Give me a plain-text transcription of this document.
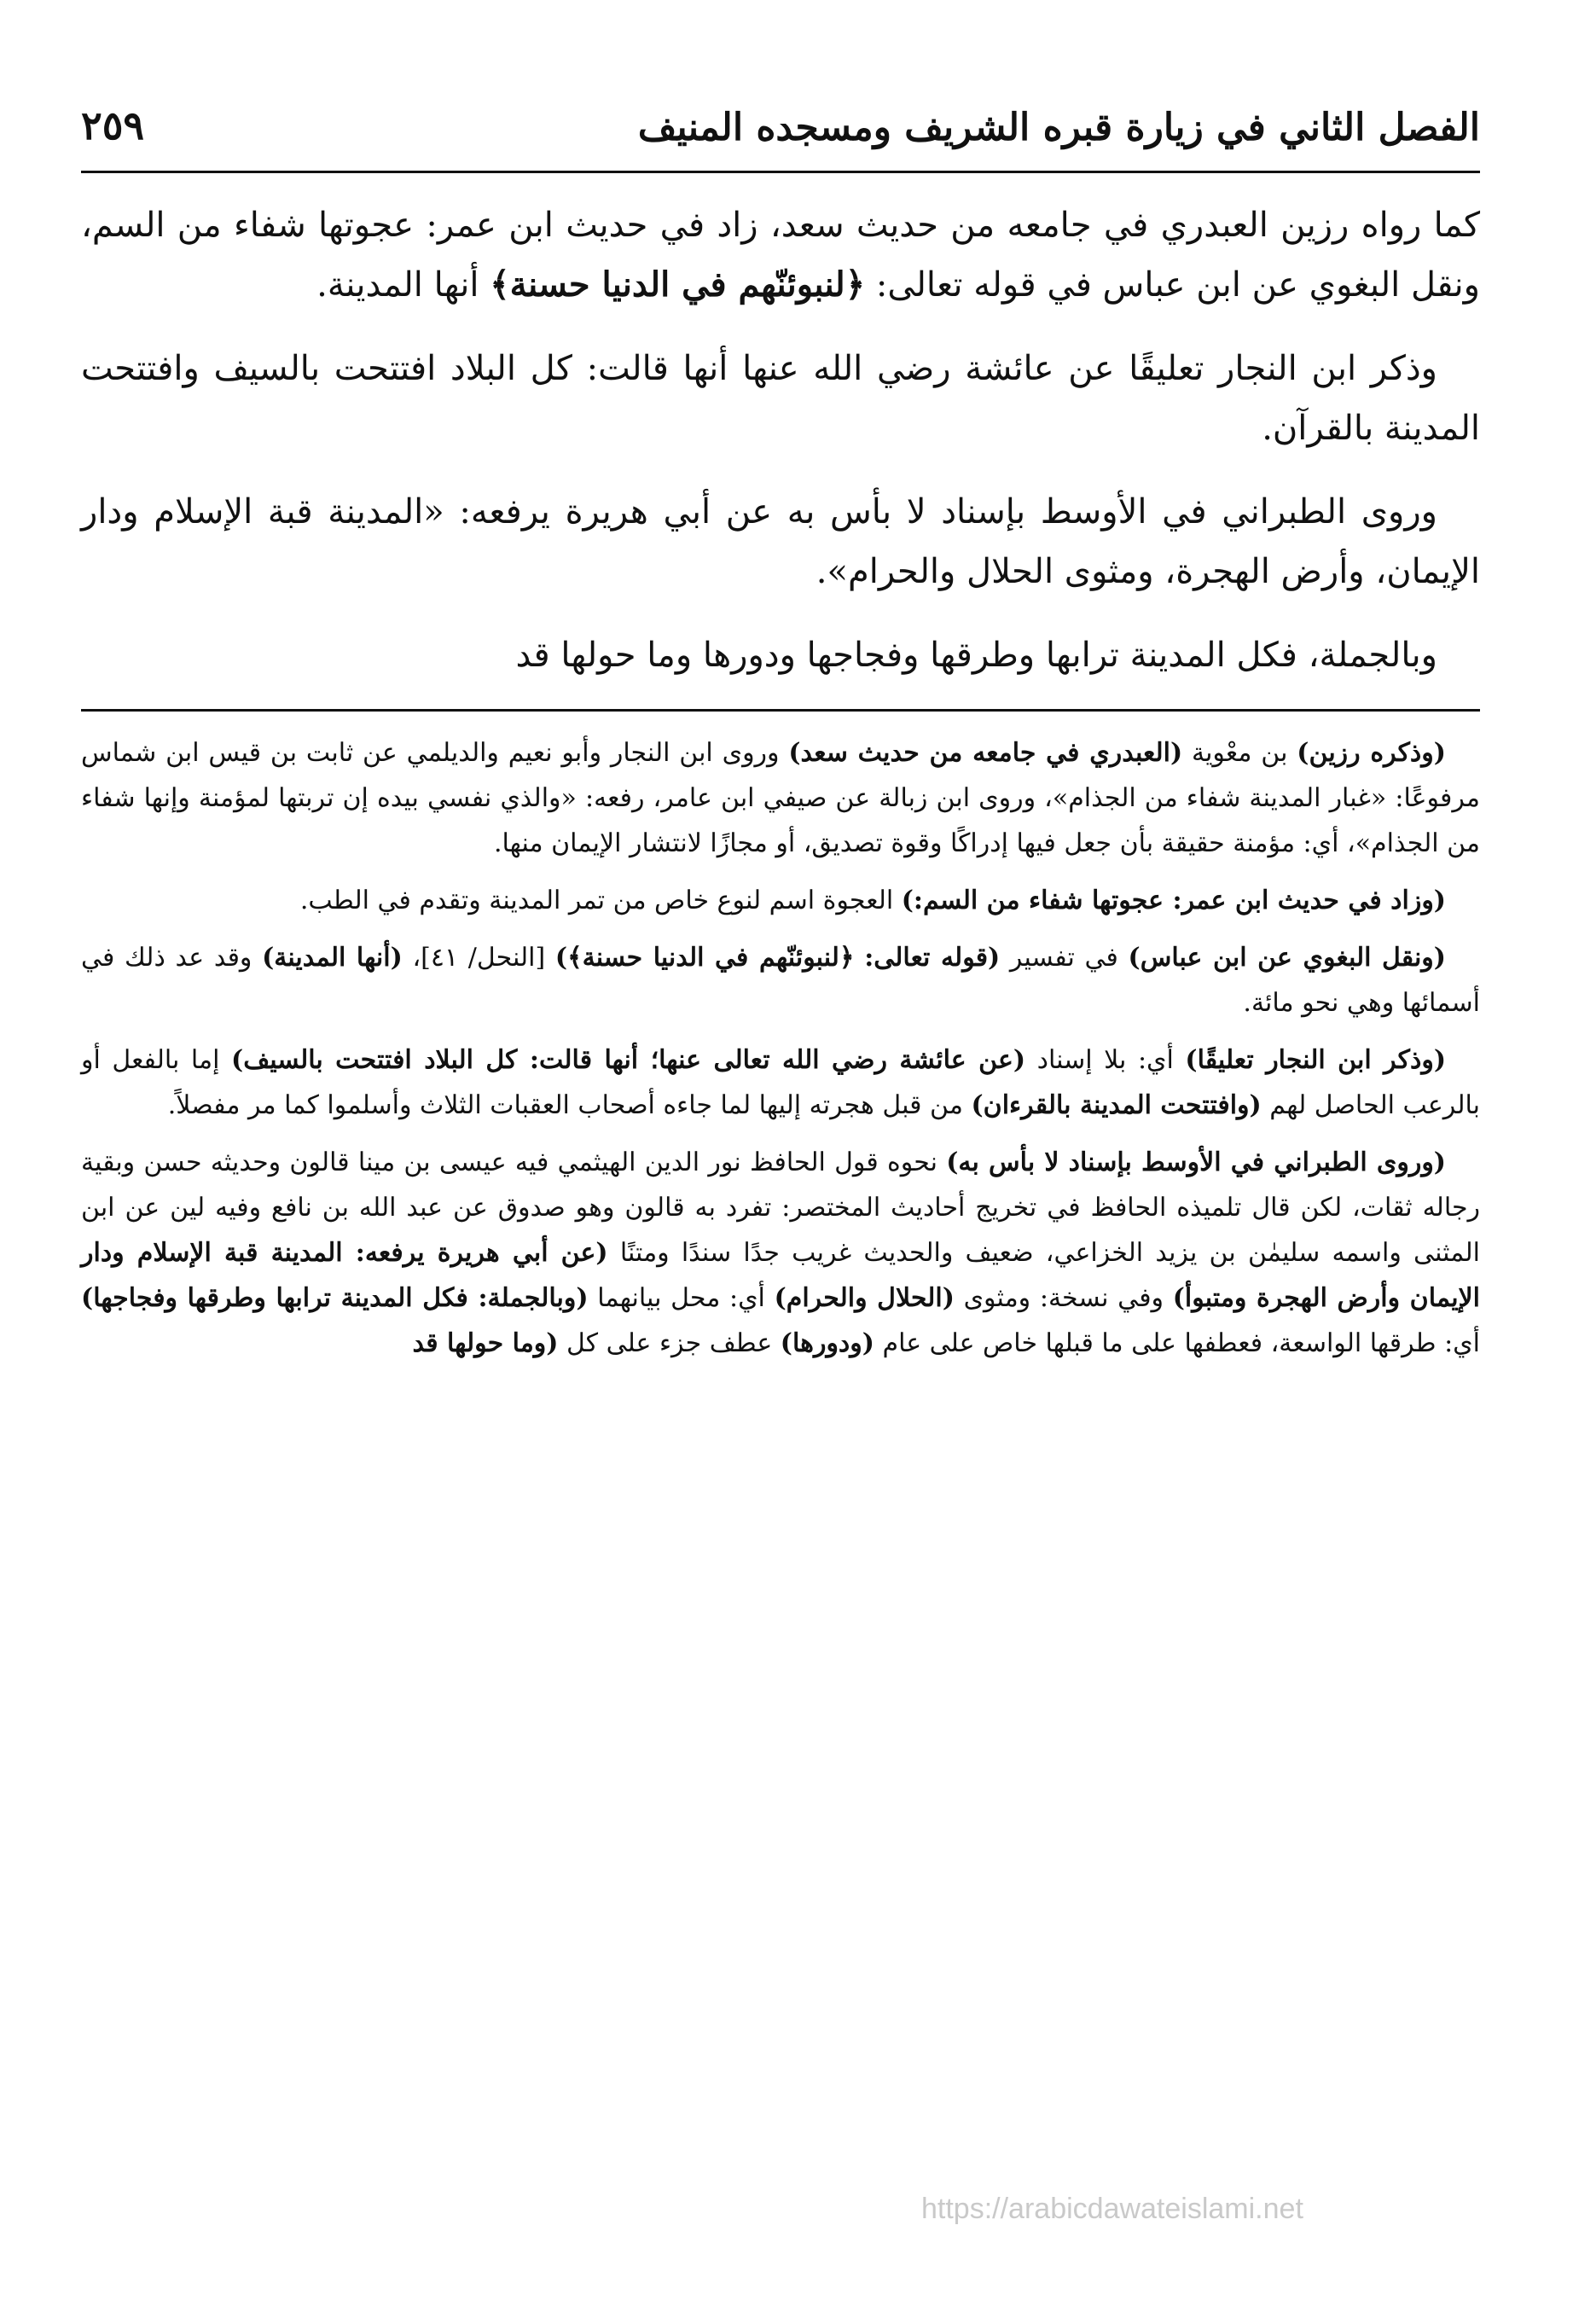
الفصل الثاني في زيارة قبره الشريف ومسجده المنيف
٢٥٩

كما رواه رزين العبدري في جامعه من حديث سعد، زاد في حديث ابن عمر: عجوتها شفاء من السم، ونقل البغوي عن ابن عباس في قوله تعالى: ﴿لنبوئنّهم في الدنيا حسنة﴾ أنها المدينة.

وذكر ابن النجار تعليقًا عن عائشة رضي الله عنها أنها قالت: كل البلاد افتتحت بالسيف وافتتحت المدينة بالقرآن.

وروى الطبراني في الأوسط بإسناد لا بأس به عن أبي هريرة يرفعه: «المدينة قبة الإسلام ودار الإيمان، وأرض الهجرة، ومثوى الحلال والحرام».

وبالجملة، فكل المدينة ترابها وطرقها وفجاجها ودورها وما حولها قد

(وذكره رزين) بن معْوية (العبدري في جامعه من حديث سعد) وروى ابن النجار وأبو نعيم والديلمي عن ثابت بن قيس ابن شماس مرفوعًا: «غبار المدينة شفاء من الجذام»، وروى ابن زبالة عن صيفي ابن عامر، رفعه: «والذي نفسي بيده إن تربتها لمؤمنة وإنها شفاء من الجذام»، أي: مؤمنة حقيقة بأن جعل فيها إدراكًا وقوة تصديق، أو مجازًا لانتشار الإيمان منها.

(وزاد في حديث ابن عمر: عجوتها شفاء من السم:) العجوة اسم لنوع خاص من تمر المدينة وتقدم في الطب.

(ونقل البغوي عن ابن عباس) في تفسير (قوله تعالى: ﴿لنبوئنّهم في الدنيا حسنة﴾) [النحل/ ٤١]، (أنها المدينة) وقد عد ذلك في أسمائها وهي نحو مائة.

(وذكر ابن النجار تعليقًا) أي: بلا إسناد (عن عائشة رضي الله تعالى عنها؛ أنها قالت: كل البلاد افتتحت بالسيف) إما بالفعل أو بالرعب الحاصل لهم (وافتتحت المدينة بالقرءان) من قبل هجرته إليها لما جاءه أصحاب العقبات الثلاث وأسلموا كما مر مفصلاً.

(وروى الطبراني في الأوسط بإسناد لا بأس به) نحوه قول الحافظ نور الدين الهيثمي فيه عيسى بن مينا قالون وحديثه حسن وبقية رجاله ثقات، لكن قال تلميذه الحافظ في تخريج أحاديث المختصر: تفرد به قالون وهو صدوق عن عبد الله بن نافع وفيه لين عن ابن المثنى واسمه سليمٰن بن يزيد الخزاعي، ضعيف والحديث غريب جدًا سندًا ومتنًا (عن أبي هريرة يرفعه: المدينة قبة الإسلام ودار الإيمان وأرض الهجرة ومتبوأ) وفي نسخة: ومثوى (الحلال والحرام) أي: محل بيانهما (وبالجملة: فكل المدينة ترابها وطرقها وفجاجها) أي: طرقها الواسعة، فعطفها على ما قبلها خاص على عام (ودورها) عطف جزء على كل (وما حولها قد

https://arabicdawateislami.net
